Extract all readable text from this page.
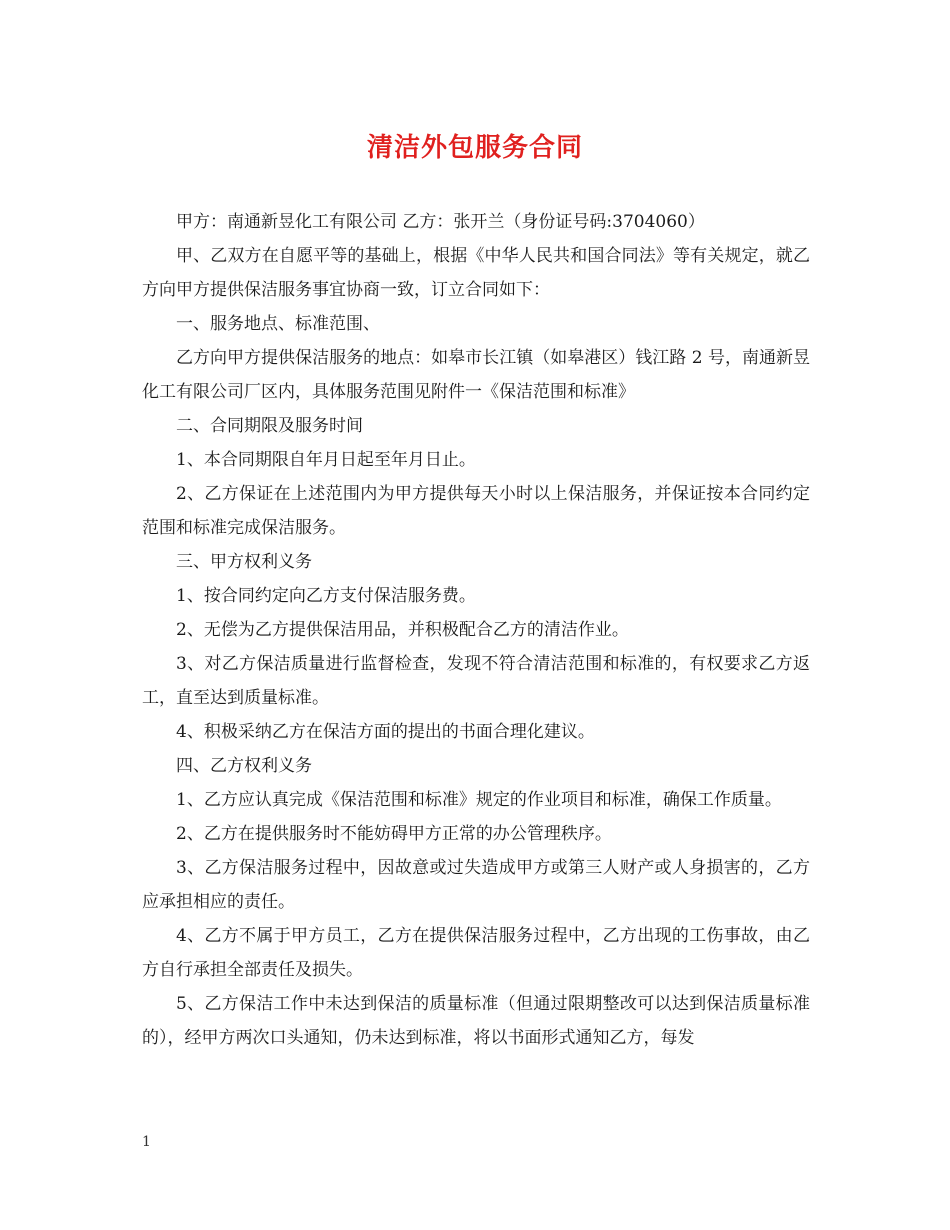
清洁外包服务合同

甲方：南通新昱化工有限公司 乙方：张开兰（身份证号码:3704060）

甲、乙双方在自愿平等的基础上，根据《中华人民共和国合同法》等有关规定，就乙方向甲方提供保洁服务事宜协商一致，订立合同如下：

一、服务地点、标准范围、

乙方向甲方提供保洁服务的地点：如皋市长江镇（如皋港区）钱江路 2 号，南通新昱化工有限公司厂区内，具体服务范围见附件一《保洁范围和标准》

二、合同期限及服务时间

1、本合同期限自年月日起至年月日止。

2、乙方保证在上述范围内为甲方提供每天小时以上保洁服务，并保证按本合同约定范围和标准完成保洁服务。

三、甲方权利义务

1、按合同约定向乙方支付保洁服务费。

2、无偿为乙方提供保洁用品，并积极配合乙方的清洁作业。

3、对乙方保洁质量进行监督检查，发现不符合清洁范围和标准的，有权要求乙方返工，直至达到质量标准。

4、积极采纳乙方在保洁方面的提出的书面合理化建议。

四、乙方权利义务

1、乙方应认真完成《保洁范围和标准》规定的作业项目和标准，确保工作质量。

2、乙方在提供服务时不能妨碍甲方正常的办公管理秩序。

3、乙方保洁服务过程中，因故意或过失造成甲方或第三人财产或人身损害的，乙方应承担相应的责任。

4、乙方不属于甲方员工，乙方在提供保洁服务过程中，乙方出现的工伤事故，由乙方自行承担全部责任及损失。

5、乙方保洁工作中未达到保洁的质量标准（但通过限期整改可以达到保洁质量标准的），经甲方两次口头通知，仍未达到标准，将以书面形式通知乙方，每发

1
